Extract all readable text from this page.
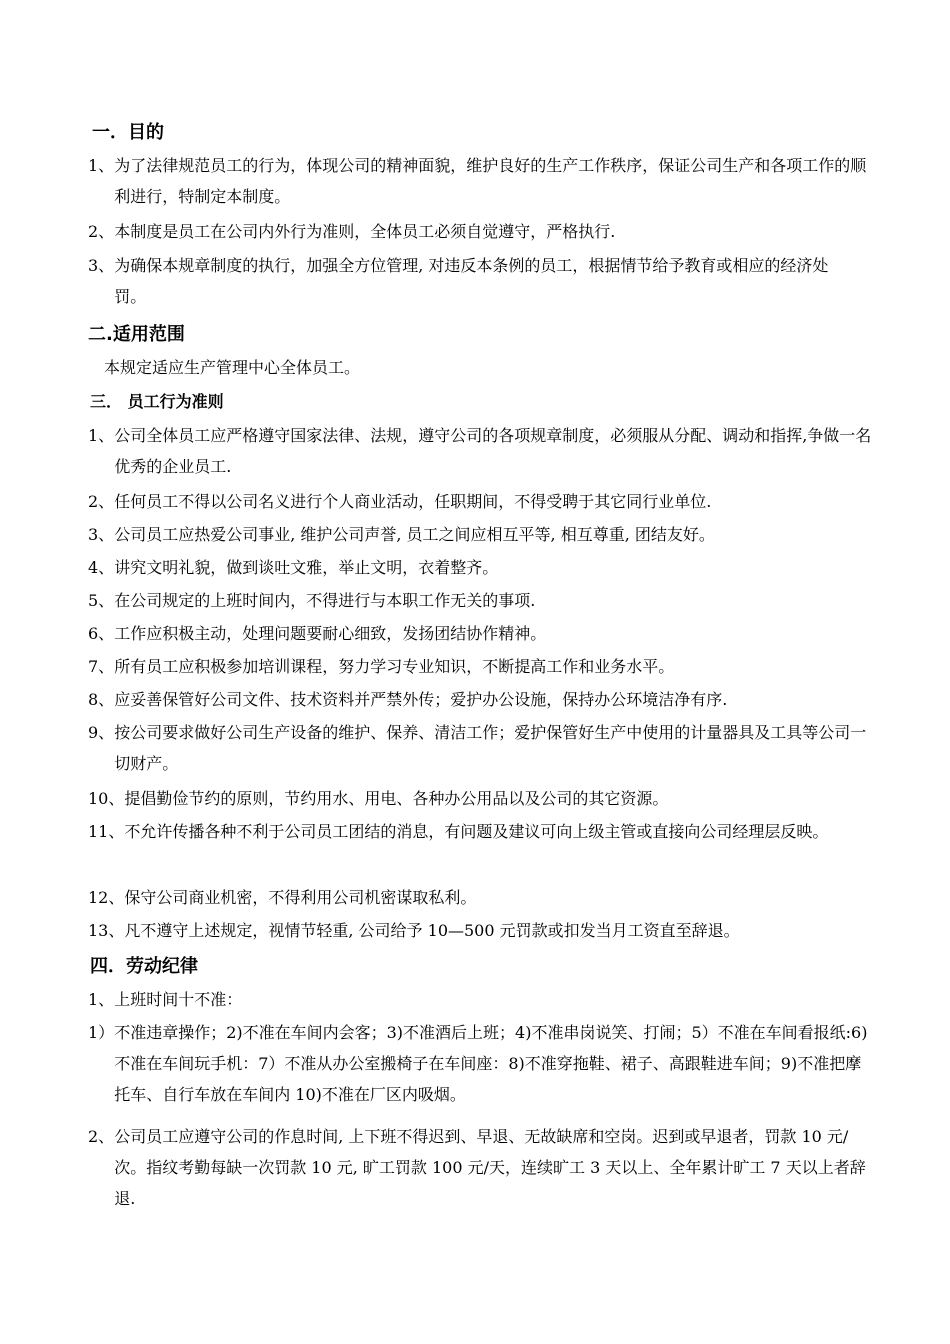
一．目的
1、 为了法律规范员工的行为，体现公司的精神面貌，维护良好的生产工作秩序，保证公司生产和各项工作的顺利进行，特制定本制度。
2、 本制度是员工在公司内外行为准则，全体员工必须自觉遵守，严格执行.
3、 为确保本规章制度的执行，加强全方位管理, 对违反本条例的员工，根据情节给予教育或相应的经济处罚。
二.适用范围
本规定适应生产管理中心全体员工。
三． 员工行为准则
1、 公司全体员工应严格遵守国家法律、法规，遵守公司的各项规章制度，必须服从分配、调动和指挥,争做一名优秀的企业员工.
2、 任何员工不得以公司名义进行个人商业活动，任职期间，不得受聘于其它同行业单位.
3、 公司员工应热爱公司事业, 维护公司声誉, 员工之间应相互平等, 相互尊重, 团结友好。
4、 讲究文明礼貌，做到谈吐文雅，举止文明，衣着整齐。
5、 在公司规定的上班时间内，不得进行与本职工作无关的事项.
6、 工作应积极主动，处理问题要耐心细致，发扬团结协作精神。
7、 所有员工应积极参加培训课程，努力学习专业知识，不断提高工作和业务水平。
8、 应妥善保管好公司文件、技术资料并严禁外传；爱护办公设施，保持办公环境洁净有序.
9、 按公司要求做好公司生产设备的维护、保养、清洁工作；爱护保管好生产中使用的计量器具及工具等公司一切财产。
10、 提倡勤俭节约的原则，节约用水、用电、各种办公用品以及公司的其它资源。
11、 不允许传播各种不利于公司员工团结的消息，有问题及建议可向上级主管或直接向公司经理层反映。
12、 保守公司商业机密，不得利用公司机密谋取私利。
13、 凡不遵守上述规定，视情节轻重, 公司给予 10—500 元罚款或扣发当月工资直至辞退。
四．劳动纪律
1、 上班时间十不准：
1） 不准违章操作；2)不准在车间内会客；3)不准酒后上班；4)不准串岗说笑、打闹；5）不准在车间看报纸:6)不准在车间玩手机：7）不准从办公室搬椅子在车间座：8)不准穿拖鞋、裙子、高跟鞋进车间；9)不准把摩托车、自行车放在车间内 10)不准在厂区内吸烟。
2、 公司员工应遵守公司的作息时间, 上下班不得迟到、早退、无故缺席和空岗。迟到或早退者，罚款 10 元/次。指纹考勤每缺一次罚款 10 元, 旷工罚款 100 元/天，连续旷工 3 天以上、全年累计旷工 7 天以上者辞退.
